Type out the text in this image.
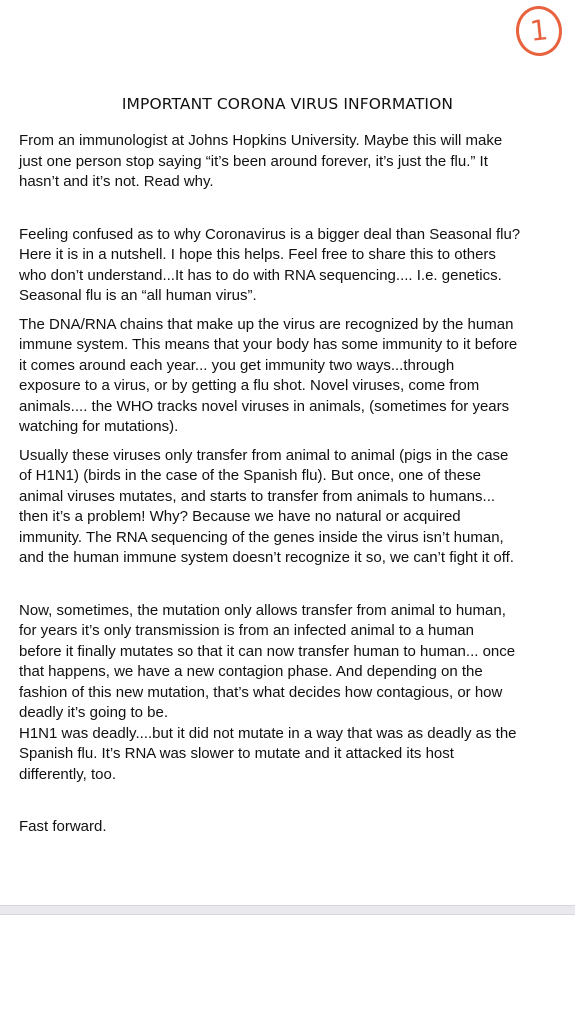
1
IMPORTANT CORONA VIRUS INFORMATION

From an immunologist at Johns Hopkins University. Maybe this will make
just one person stop saying “it’s been around forever, it’s just the flu.” It
hasn’t and it’s not. Read why.

Feeling confused as to why Coronavirus is a bigger deal than Seasonal flu?
Here it is in a nutshell. I hope this helps. Feel free to share this to others
who don’t understand...It has to do with RNA sequencing.... I.e. genetics.
Seasonal flu is an “all human virus”.

The DNA/RNA chains that make up the virus are recognized by the human
immune system. This means that your body has some immunity to it before
it comes around each year... you get immunity two ways...through
exposure to a virus, or by getting a flu shot. Novel viruses, come from
animals.... the WHO tracks novel viruses in animals, (sometimes for years
watching for mutations).

Usually these viruses only transfer from animal to animal (pigs in the case
of H1N1) (birds in the case of the Spanish flu). But once, one of these
animal viruses mutates, and starts to transfer from animals to humans...
then it’s a problem! Why? Because we have no natural or acquired
immunity. The RNA sequencing of the genes inside the virus isn’t human,
and the human immune system doesn’t recognize it so, we can’t fight it off.

Now, sometimes, the mutation only allows transfer from animal to human,
for years it’s only transmission is from an infected animal to a human
before it finally mutates so that it can now transfer human to human... once
that happens, we have a new contagion phase. And depending on the
fashion of this new mutation, that’s what decides how contagious, or how
deadly it’s going to be.
H1N1 was deadly....but it did not mutate in a way that was as deadly as the
Spanish flu. It’s RNA was slower to mutate and it attacked its host
differently, too.

Fast forward.
